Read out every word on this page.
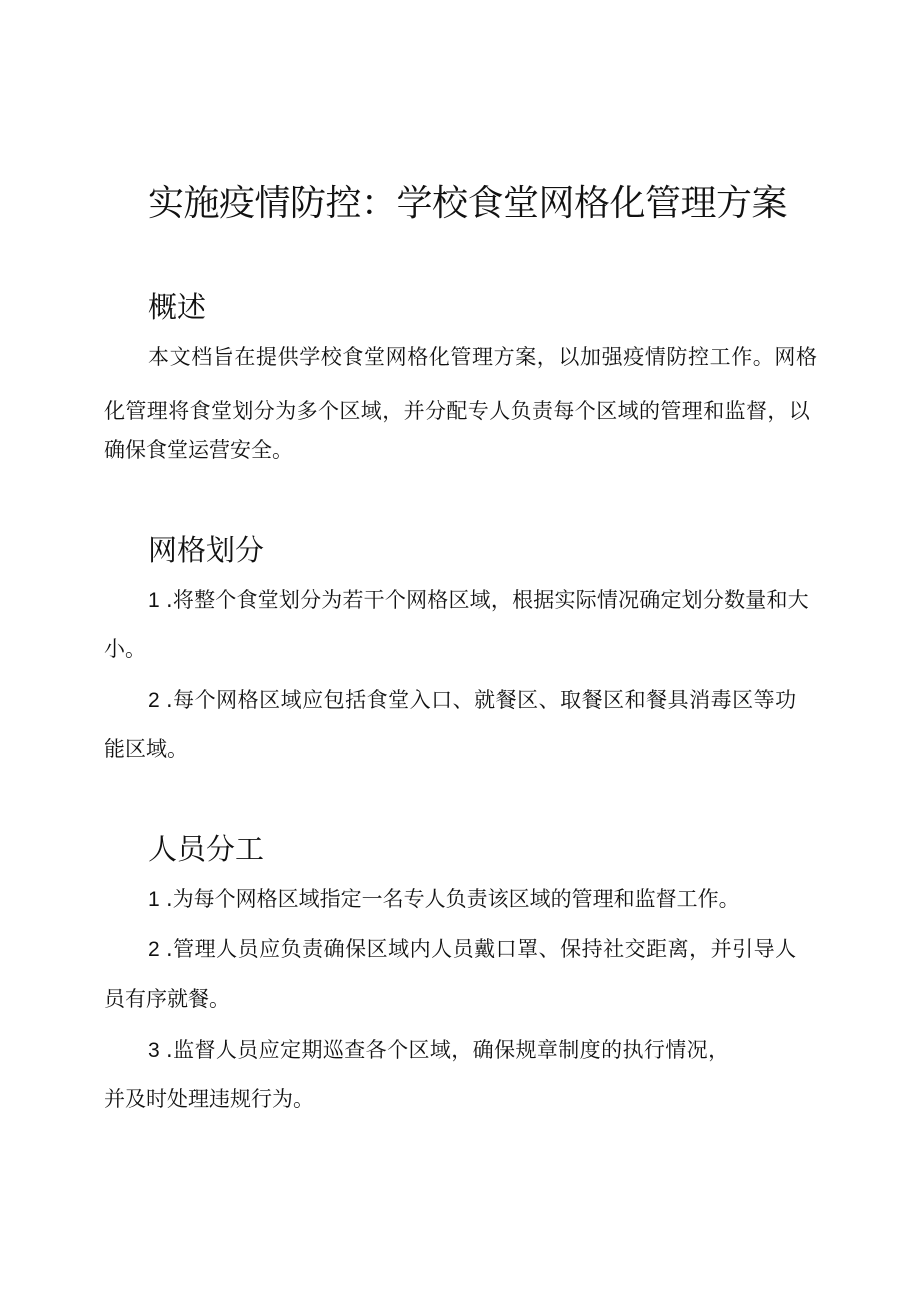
实施疫情防控：学校食堂网格化管理方案
概述
本文档旨在提供学校食堂网格化管理方案，以加强疫情防控工作。网格
化管理将食堂划分为多个区域，并分配专人负责每个区域的管理和监督，以
确保食堂运营安全。
网格划分
1 .将整个食堂划分为若干个网格区域，根据实际情况确定划分数量和大
小。
2 .每个网格区域应包括食堂入口、就餐区、取餐区和餐具消毒区等功
能区域。
人员分工
1 .为每个网格区域指定一名专人负责该区域的管理和监督工作。
2 .管理人员应负责确保区域内人员戴口罩、保持社交距离，并引导人
员有序就餐。
3 .监督人员应定期巡查各个区域，确保规章制度的执行情况，
并及时处理违规行为。
